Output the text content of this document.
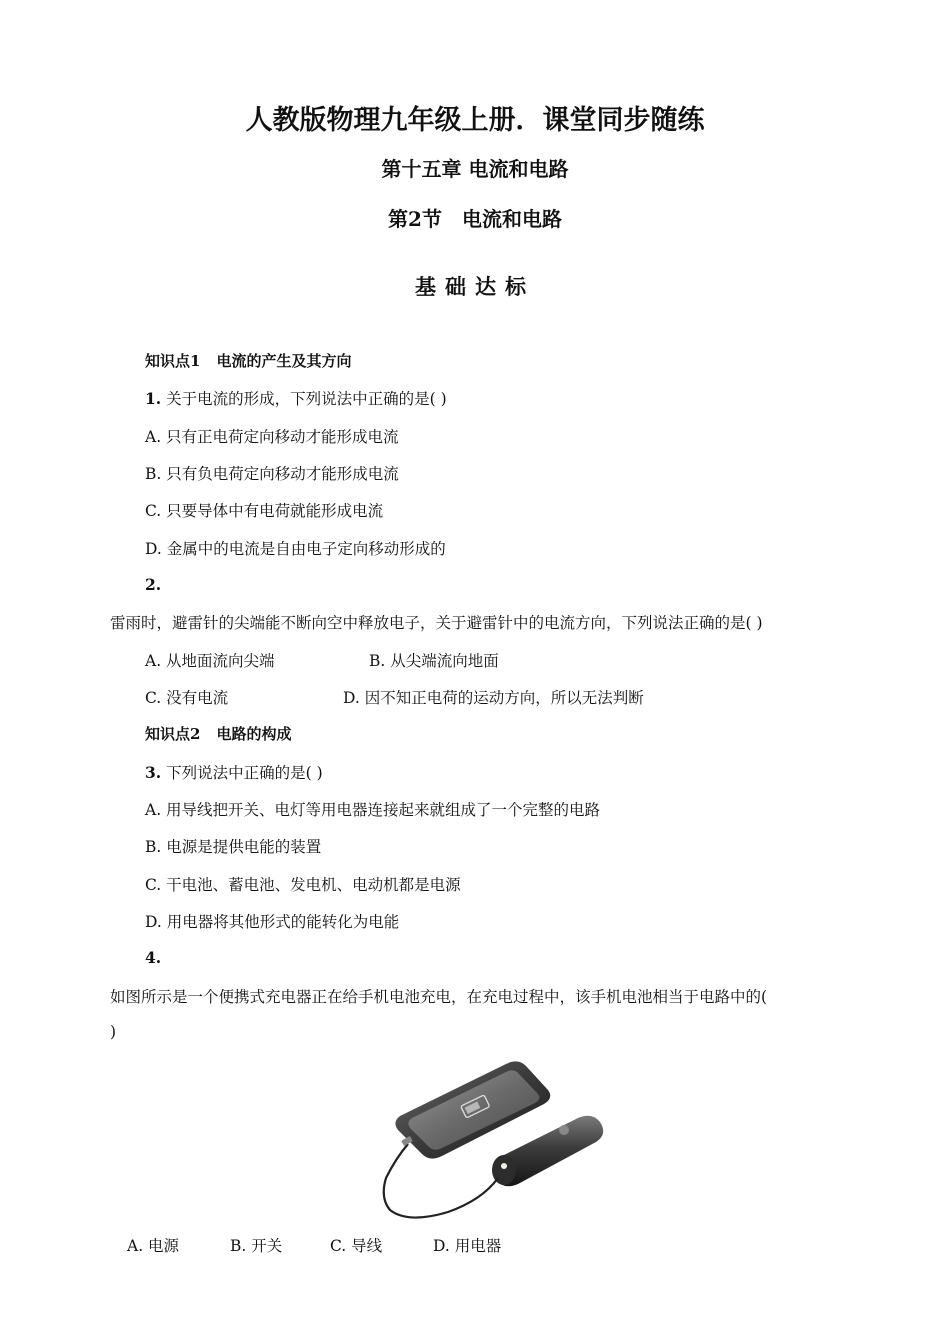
人教版物理九年级上册．课堂同步随练
第十五章 电流和电路
第2节 电流和电路
基础达标
知识点1 电流的产生及其方向
1. 关于电流的形成，下列说法中正确的是( )
A. 只有正电荷定向移动才能形成电流
B. 只有负电荷定向移动才能形成电流
C. 只要导体中有电荷就能形成电流
D. 金属中的电流是自由电子定向移动形成的
2.
雷雨时，避雷针的尖端能不断向空中释放电子，关于避雷针中的电流方向，下列说法正确的是( )
A. 从地面流向尖端	B. 从尖端流向地面
C. 没有电流	D. 因不知正电荷的运动方向，所以无法判断
知识点2 电路的构成
3. 下列说法中正确的是( )
A. 用导线把开关、电灯等用电器连接起来就组成了一个完整的电路
B. 电源是提供电能的装置
C. 干电池、蓄电池、发电机、电动机都是电源
D. 用电器将其他形式的能转化为电能
4.
如图所示是一个便携式充电器正在给手机电池充电，在充电过程中，该手机电池相当于电路中的(
)
A. 电源	B. 开关	C. 导线	D. 用电器
